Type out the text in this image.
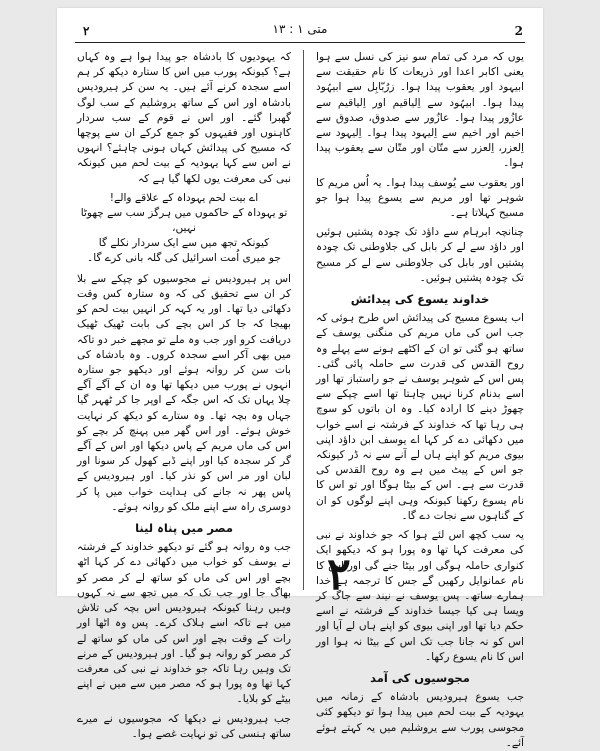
۲	متی ۱ : ۱۳	2

یوں کہ مرد کی تمام سو نیز کی نسل سے ہوا یعنی اکابر اعدا اور ذریعات کا نام حقیقت سے ابیہود اور یعقوب پیدا ہوا۔ زرُبّابِل سے ابیہُود پیدا ہوا۔ ابیہُود سے اِلیاقیم اور اِلیاقیم سے عازُور پیدا ہوا۔ عازُور سے صدوق، صدوق سے اخیم اور اخیم سے اِلیہود پیدا ہوا۔ اِلیہود سے اِلعزر، اِلعزر سے متّان اور متّان سے یعقوب پیدا ہوا۔

اور یعقوب سے یُوسف پیدا ہوا۔ یہ اُس مریم کا شوہر تھا اور مریم سے یسوع پیدا ہوا جو مسیح کہلاتا ہے۔

چنانچہ ابرہام سے داؤد تک چودہ پشتیں ہوئیں اور داؤد سے لے کر بابل کی جلاوطنی تک چودہ پشتیں اور بابل کی جلاوطنی سے لے کر مسیح تک چودہ پشتیں ہوئیں۔

خداوند یسوع کی پیدائش

اب یسوع مسیح کی پیدائش اس طرح ہوئی کہ جب اس کی ماں مریم کی منگنی یوسف کے ساتھ ہو گئی تو ان کے اکٹھے ہونے سے پہلے وہ روح القدس کی قدرت سے حاملہ پائی گئی۔ پس اس کے شوہر یوسف نے جو راستباز تھا اور اسے بدنام کرنا نہیں چاہتا تھا اسے چپکے سے چھوڑ دینے کا ارادہ کیا۔ وہ ان باتوں کو سوچ ہی رہا تھا کہ خداوند کے فرشتہ نے اسے خواب میں دکھائی دے کر کہا اے یوسف ابن داؤد اپنی بیوی مریم کو اپنے ہاں لے آنے سے نہ ڈر کیونکہ جو اس کے پیٹ میں ہے وہ روح القدس کی قدرت سے ہے۔ اس کے بیٹا ہوگا اور تو اس کا نام یسوع رکھنا کیونکہ وہی اپنے لوگوں کو ان کے گناہوں سے نجات دے گا۔

یہ سب کچھ اس لئے ہوا کہ جو خداوند نے نبی کی معرفت کہا تھا وہ پورا ہو کہ دیکھو ایک کنواری حاملہ ہوگی اور بیٹا جنے گی اور اس کا نام عمانوایل رکھیں گے جس کا ترجمہ ہے خدا ہمارے ساتھ۔ پس یوسف نے نیند سے جاگ کر ویسا ہی کیا جیسا خداوند کے فرشتہ نے اسے حکم دیا تھا اور اپنی بیوی کو اپنے ہاں لے آیا اور اس کو نہ جانا جب تک اس کے بیٹا نہ ہوا اور اس کا نام یسوع رکھا۔

مجوسیوں کی آمد

جب یسوع ہیرودیس بادشاہ کے زمانہ میں یہودیہ کے بیت لحم میں پیدا ہوا تو دیکھو کئی مجوسی پورب سے یروشلیم میں یہ کہتے ہوئے آئے۔

کہ یہودیوں کا بادشاہ جو پیدا ہوا ہے وہ کہاں ہے؟ کیونکہ پورب میں اس کا ستارہ دیکھ کر ہم اسے سجدہ کرنے آئے ہیں۔ یہ سن کر ہیرودیس بادشاہ اور اس کے ساتھ یروشلیم کے سب لوگ گھبرا گئے۔ اور اس نے قوم کے سب سردار کاہنوں اور فقیہوں کو جمع کرکے ان سے پوچھا کہ مسیح کی پیدائش کہاں ہونی چاہئے؟ انہوں نے اس سے کہا یہودیہ کے بیت لحم میں کیونکہ نبی کی معرفت یوں لکھا گیا ہے کہ

اے بیت لحم یہوداہ کے علاقے والے!
تو یہوداہ کے حاکموں میں ہرگز سب سے چھوٹا نہیں،
کیونکہ تجھ میں سے ایک سردار نکلے گا
جو میری اُمت اسرائیل کی گلہ بانی کرے گا۔

اس پر ہیرودیس نے مجوسیوں کو چپکے سے بلا کر ان سے تحقیق کی کہ وہ ستارہ کس وقت دکھائی دیا تھا۔ اور یہ کہہ کر انہیں بیت لحم کو بھیجا کہ جا کر اس بچے کی بابت ٹھیک ٹھیک دریافت کرو اور جب وہ ملے تو مجھے خبر دو تاکہ میں بھی آکر اسے سجدہ کروں۔ وہ بادشاہ کی بات سن کر روانہ ہوئے اور دیکھو جو ستارہ انہوں نے پورب میں دیکھا تھا وہ ان کے آگے آگے چلا یہاں تک کہ اس جگہ کے اوپر جا کر ٹھہر گیا جہاں وہ بچہ تھا۔ وہ ستارے کو دیکھ کر نہایت خوش ہوئے۔ اور اس گھر میں پہنچ کر بچے کو اس کی ماں مریم کے پاس دیکھا اور اس کے آگے گر کر سجدہ کیا اور اپنے ڈبے کھول کر سونا اور لبان اور مر اس کو نذر کیا۔ اور ہیرودیس کے پاس پھر نہ جانے کی ہدایت خواب میں پا کر دوسری راہ سے اپنے ملک کو روانہ ہوئے۔

مصر میں پناہ لینا

جب وہ روانہ ہو گئے تو دیکھو خداوند کے فرشتہ نے یوسف کو خواب میں دکھائی دے کر کہا اٹھ بچے اور اس کی ماں کو ساتھ لے کر مصر کو بھاگ جا اور جب تک کہ میں تجھ سے نہ کہوں وہیں رہنا کیونکہ ہیرودیس اس بچہ کی تلاش میں ہے تاکہ اسے ہلاک کرے۔ پس وہ اٹھا اور رات کے وقت بچے اور اس کی ماں کو ساتھ لے کر مصر کو روانہ ہو گیا۔ اور ہیرودیس کے مرنے تک وہیں رہا تاکہ جو خداوند نے نبی کی معرفت کہا تھا وہ پورا ہو کہ مصر میں سے میں نے اپنے بیٹے کو بلایا۔

جب ہیرودیس نے دیکھا کہ مجوسیوں نے میرے ساتھ ہنسی کی تو نہایت غصے ہوا۔

۲
